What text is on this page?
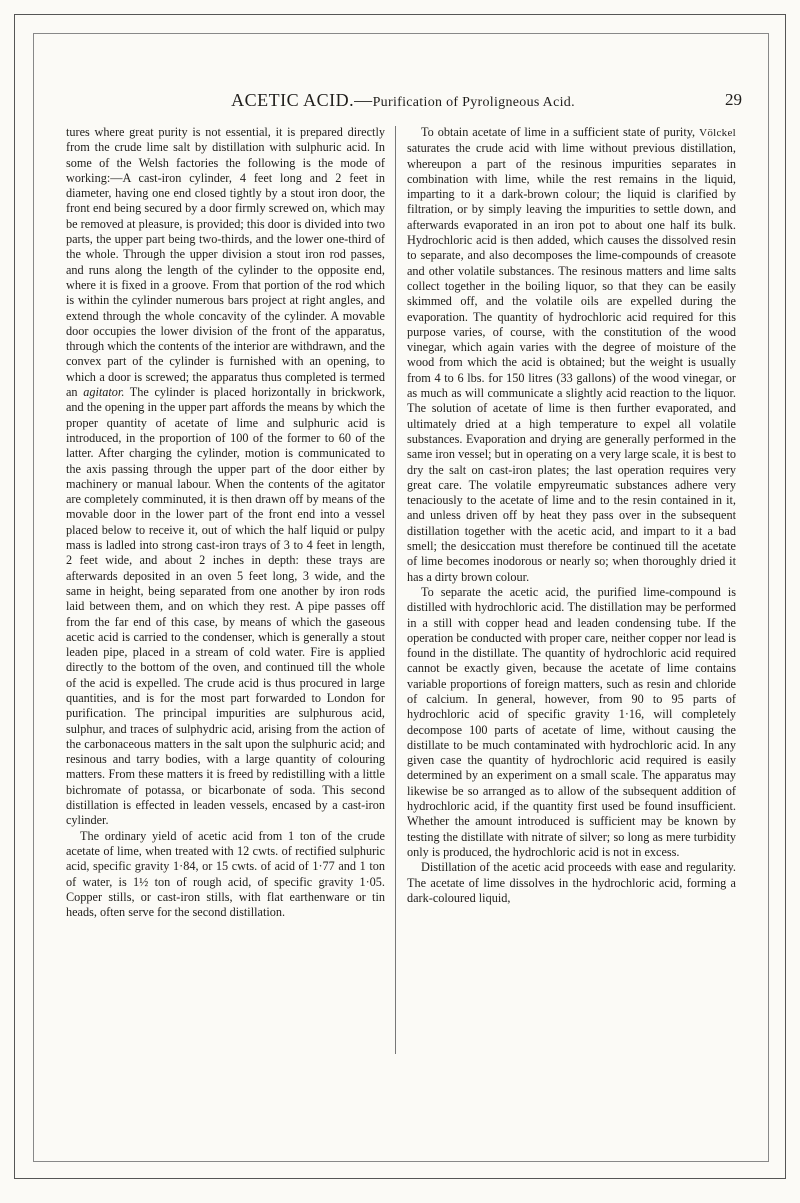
ACETIC ACID.—Purification of Pyroligneous Acid.	29

tures where great purity is not essential, it is prepared directly from the crude lime salt by distillation with sulphuric acid. In some of the Welsh factories the following is the mode of working:—A cast-iron cylinder, 4 feet long and 2 feet in diameter, having one end closed tightly by a stout iron door, the front end being secured by a door firmly screwed on, which may be removed at pleasure, is provided; this door is divided into two parts, the upper part being two-thirds, and the lower one-third of the whole. Through the upper division a stout iron rod passes, and runs along the length of the cylinder to the opposite end, where it is fixed in a groove. From that portion of the rod which is within the cylinder numerous bars project at right angles, and extend through the whole concavity of the cylinder. A movable door occupies the lower division of the front of the apparatus, through which the contents of the interior are withdrawn, and the convex part of the cylinder is furnished with an opening, to which a door is screwed; the apparatus thus completed is termed an agitator. The cylinder is placed horizontally in brickwork, and the opening in the upper part affords the means by which the proper quantity of acetate of lime and sulphuric acid is introduced, in the proportion of 100 of the former to 60 of the latter. After charging the cylinder, motion is communicated to the axis passing through the upper part of the door either by machinery or manual labour. When the contents of the agitator are completely comminuted, it is then drawn off by means of the movable door in the lower part of the front end into a vessel placed below to receive it, out of which the half liquid or pulpy mass is ladled into strong cast-iron trays of 3 to 4 feet in length, 2 feet wide, and about 2 inches in depth: these trays are afterwards deposited in an oven 5 feet long, 3 wide, and the same in height, being separated from one another by iron rods laid between them, and on which they rest. A pipe passes off from the far end of this case, by means of which the gaseous acetic acid is carried to the condenser, which is generally a stout leaden pipe, placed in a stream of cold water. Fire is applied directly to the bottom of the oven, and continued till the whole of the acid is expelled. The crude acid is thus procured in large quantities, and is for the most part forwarded to London for purification. The principal impurities are sulphurous acid, sulphur, and traces of sulphydric acid, arising from the action of the carbonaceous matters in the salt upon the sulphuric acid; and resinous and tarry bodies, with a large quantity of colouring matters. From these matters it is freed by redistilling with a little bichromate of potassa, or bicarbonate of soda. This second distillation is effected in leaden vessels, encased by a cast-iron cylinder.

The ordinary yield of acetic acid from 1 ton of the crude acetate of lime, when treated with 12 cwts. of rectified sulphuric acid, specific gravity 1·84, or 15 cwts. of acid of 1·77 and 1 ton of water, is 1½ ton of rough acid, of specific gravity 1·05. Copper stills, or cast-iron stills, with flat earthenware or tin heads, often serve for the second distillation.

To obtain acetate of lime in a sufficient state of purity, Völckel saturates the crude acid with lime without previous distillation, whereupon a part of the resinous impurities separates in combination with lime, while the rest remains in the liquid, imparting to it a dark-brown colour; the liquid is clarified by filtration, or by simply leaving the impurities to settle down, and afterwards evaporated in an iron pot to about one half its bulk. Hydrochloric acid is then added, which causes the dissolved resin to separate, and also decomposes the lime-compounds of creasote and other volatile substances. The resinous matters and lime salts collect together in the boiling liquor, so that they can be easily skimmed off, and the volatile oils are expelled during the evaporation. The quantity of hydrochloric acid required for this purpose varies, of course, with the constitution of the wood vinegar, which again varies with the degree of moisture of the wood from which the acid is obtained; but the weight is usually from 4 to 6 lbs. for 150 litres (33 gallons) of the wood vinegar, or as much as will communicate a slightly acid reaction to the liquor. The solution of acetate of lime is then further evaporated, and ultimately dried at a high temperature to expel all volatile substances. Evaporation and drying are generally performed in the same iron vessel; but in operating on a very large scale, it is best to dry the salt on cast-iron plates; the last operation requires very great care. The volatile empyreumatic substances adhere very tenaciously to the acetate of lime and to the resin contained in it, and unless driven off by heat they pass over in the subsequent distillation together with the acetic acid, and impart to it a bad smell; the desiccation must therefore be continued till the acetate of lime becomes inodorous or nearly so; when thoroughly dried it has a dirty brown colour.

To separate the acetic acid, the purified lime-compound is distilled with hydrochloric acid. The distillation may be performed in a still with copper head and leaden condensing tube. If the operation be conducted with proper care, neither copper nor lead is found in the distillate. The quantity of hydrochloric acid required cannot be exactly given, because the acetate of lime contains variable proportions of foreign matters, such as resin and chloride of calcium. In general, however, from 90 to 95 parts of hydrochloric acid of specific gravity 1·16, will completely decompose 100 parts of acetate of lime, without causing the distillate to be much contaminated with hydrochloric acid. In any given case the quantity of hydrochloric acid required is easily determined by an experiment on a small scale. The apparatus may likewise be so arranged as to allow of the subsequent addition of hydrochloric acid, if the quantity first used be found insufficient. Whether the amount introduced is sufficient may be known by testing the distillate with nitrate of silver; so long as mere turbidity only is produced, the hydrochloric acid is not in excess.

Distillation of the acetic acid proceeds with ease and regularity. The acetate of lime dissolves in the hydrochloric acid, forming a dark-coloured liquid,
